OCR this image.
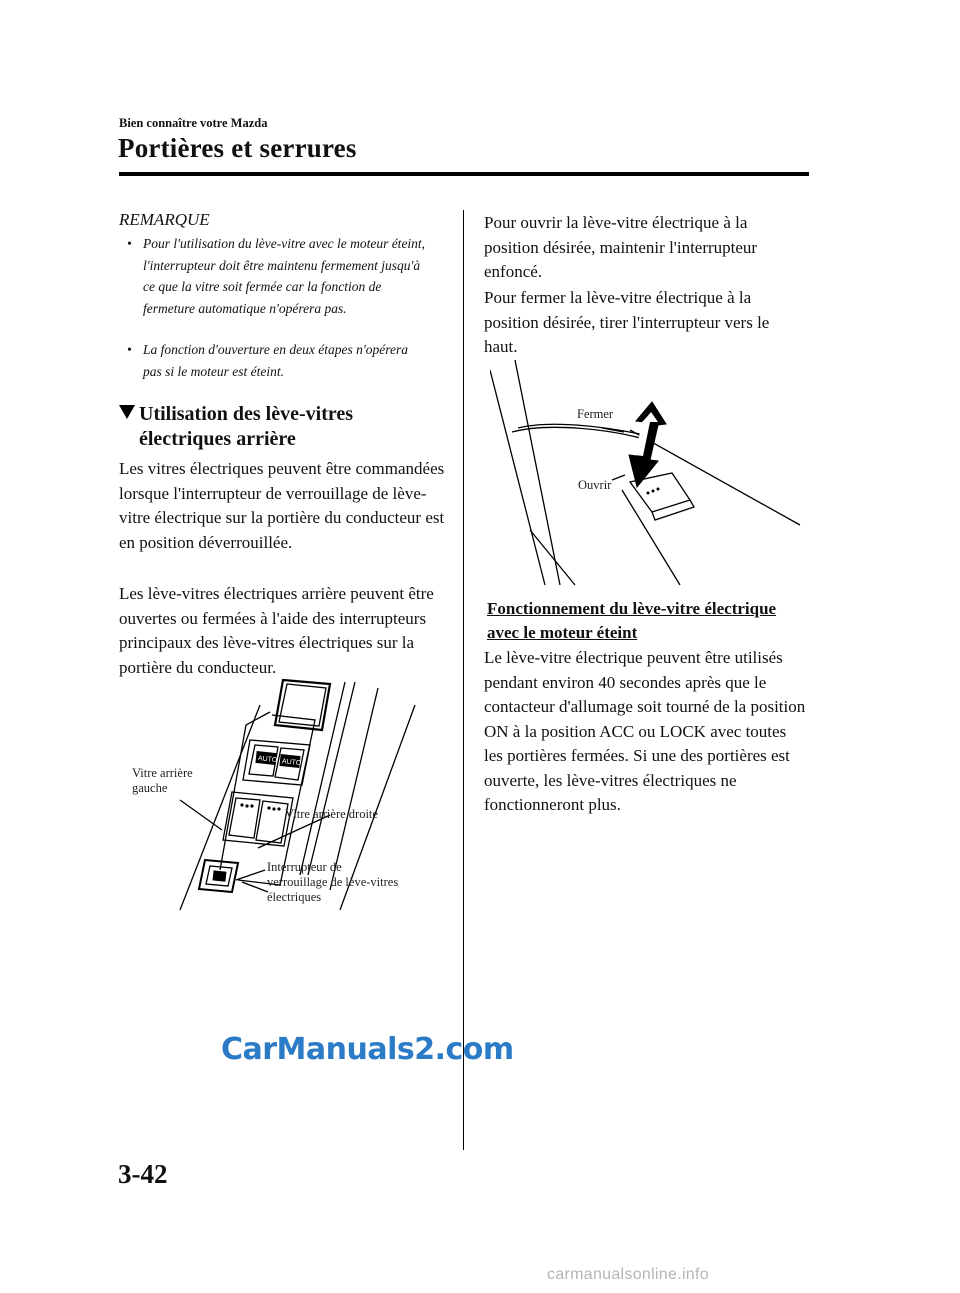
Bien connaître votre Mazda
Portières et serrures
REMARQUE
• Pour l'utilisation du lève-vitre avec le moteur éteint, l'interrupteur doit être maintenu fermement jusqu'à ce que la vitre soit fermée car la fonction de fermeture automatique n'opérera pas.
• La fonction d'ouverture en deux étapes n'opérera pas si le moteur est éteint.
Utilisation des lève-vitres
électriques arrière
Les vitres électriques peuvent être commandées lorsque l'interrupteur de verrouillage de lève-vitre électrique sur la portière du conducteur est en position déverrouillée.
Les lève-vitres électriques arrière peuvent être ouvertes ou fermées à l'aide des interrupteurs principaux des lève-vitres électriques sur la portière du conducteur.
AUTO AUTO
Vitre arrière
gauche
Vitre arrière droite
Interrupteur de
verrouillage de lève-vitres
électriques
Pour ouvrir la lève-vitre électrique à la position désirée, maintenir l'interrupteur enfoncé.
Pour fermer la lève-vitre électrique à la position désirée, tirer l'interrupteur vers le haut.
Fermer
Ouvrir
Fonctionnement du lève-vitre électrique
avec le moteur éteint
Le lève-vitre électrique peuvent être utilisés pendant environ 40 secondes après que le contacteur d'allumage soit tourné de la position ON à la position ACC ou LOCK avec toutes les portières fermées. Si une des portières est ouverte, les lève-vitres électriques ne fonctionneront plus.
CarManuals2.com
3-42
carmanualsonline.info
